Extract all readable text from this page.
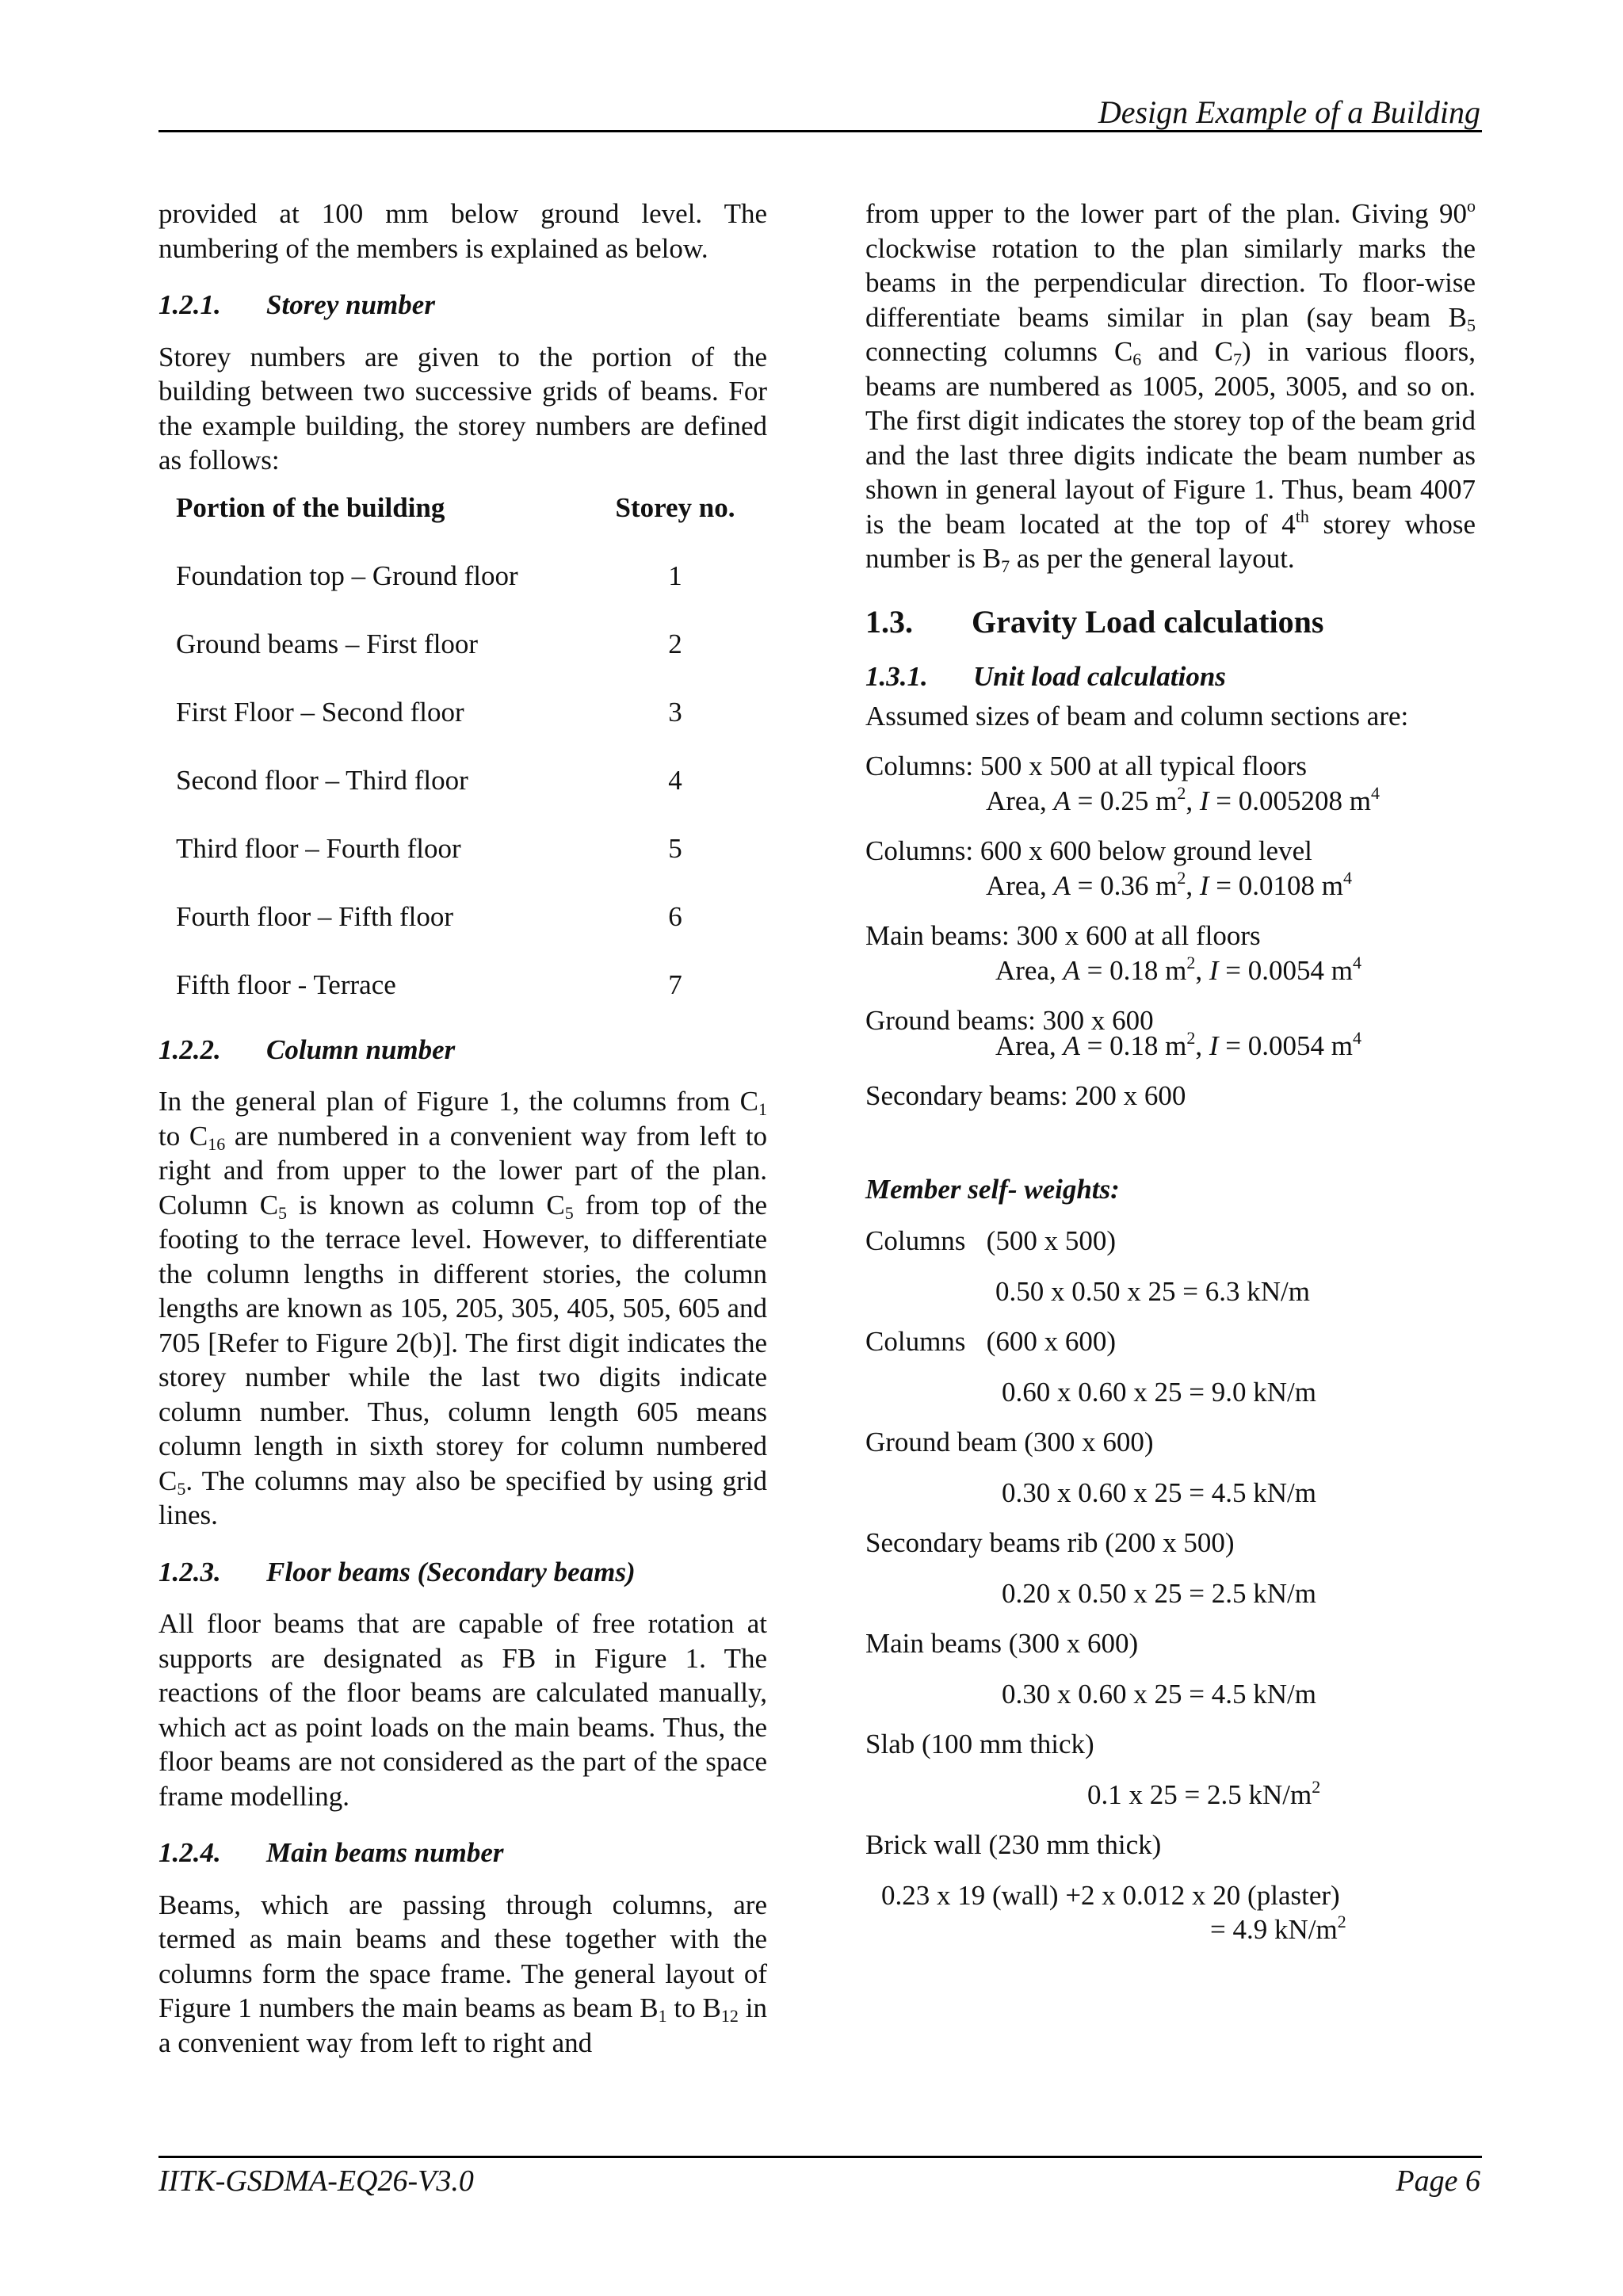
Design Example of a Building

provided at 100 mm below ground level. The numbering of the members is explained as below.

1.2.1.	Storey number

Storey numbers are given to the portion of the building between two successive grids of beams. For the example building, the storey numbers are defined as follows:

Portion of the building	Storey no.
Foundation top – Ground floor	1
Ground beams – First floor	2
First Floor – Second floor	3
Second floor – Third floor	4
Third floor – Fourth floor	5
Fourth floor – Fifth floor	6
Fifth floor - Terrace	7
1.2.2.	Column number

In the general plan of Figure 1, the columns from $C_1$ to $C_{16}$ are numbered in a convenient way from left to right and from upper to the lower part of the plan. Column $C_5$ is known as column $C_5$ from top of the footing to the terrace level. However, to differentiate the column lengths in different stories, the column lengths are known as 105, 205, 305, 405, 505, 605 and 705 [Refer to Figure 2(b)]. The first digit indicates the storey number while the last two digits indicate column number. Thus, column length 605 means column length in sixth storey for column numbered $C_5$. The columns may also be specified by using grid lines.

1.2.3.	Floor beams (Secondary beams)

All floor beams that are capable of free rotation at supports are designated as FB in Figure 1. The reactions of the floor beams are calculated manually, which act as point loads on the main beams. Thus, the floor beams are not considered as the part of the space frame modelling.

1.2.4.	Main beams number

Beams, which are passing through columns, are termed as main beams and these together with the columns form the space frame. The general layout of Figure 1 numbers the main beams as beam $B_1$ to $B_{12}$ in a convenient way from left to right and

from upper to the lower part of the plan. Giving 90$^o$ clockwise rotation to the plan similarly marks the beams in the perpendicular direction. To floor-wise differentiate beams similar in plan (say beam $B_5$ connecting columns $C_6$ and $C_7$) in various floors, beams are numbered as 1005, 2005, 3005, and so on. The first digit indicates the storey top of the beam grid and the last three digits indicate the beam number as shown in general layout of Figure 1. Thus, beam 4007 is the beam located at the top of 4th storey whose number is $B_7$ as per the general layout.

1.3.	Gravity Load calculations
1.3.1.	Unit load calculations
Assumed sizes of beam and column sections are:
Columns: 500 x 500 at all typical floors
Area, A = 0.25 $m^2$, I = 0.005208 $m^4$
Columns: 600 x 600 below ground level
Area, A = 0.36 $m^2$, I = 0.0108 $m^4$
Main beams: 300 x 600 at all floors
Area, A = 0.18 $m^2$, I = 0.0054 $m^4$
Ground beams: 300 x 600
Area, A = 0.18 $m^2$, I = 0.0054 $m^4$
Secondary beams: 200 x 600
Member self- weights:
Columns   (500 x 500)
0.50 x 0.50 x 25 = 6.3 kN/m
Columns   (600 x 600)
0.60 x 0.60 x 25 = 9.0 kN/m
Ground beam (300 x 600)
0.30 x 0.60 x 25 = 4.5 kN/m
Secondary beams rib (200 x 500)
0.20 x 0.50 x 25 = 2.5 kN/m
Main beams (300 x 600)
0.30 x 0.60 x 25 = 4.5 kN/m
Slab (100 mm thick)
0.1 x 25 = 2.5 $kN/m^2$
Brick wall (230 mm thick)
0.23 x 19 (wall) +2 x 0.012 x 20 (plaster)
= 4.9 $kN/m^2$
IITK-GSDMA-EQ26-V3.0	Page 6
